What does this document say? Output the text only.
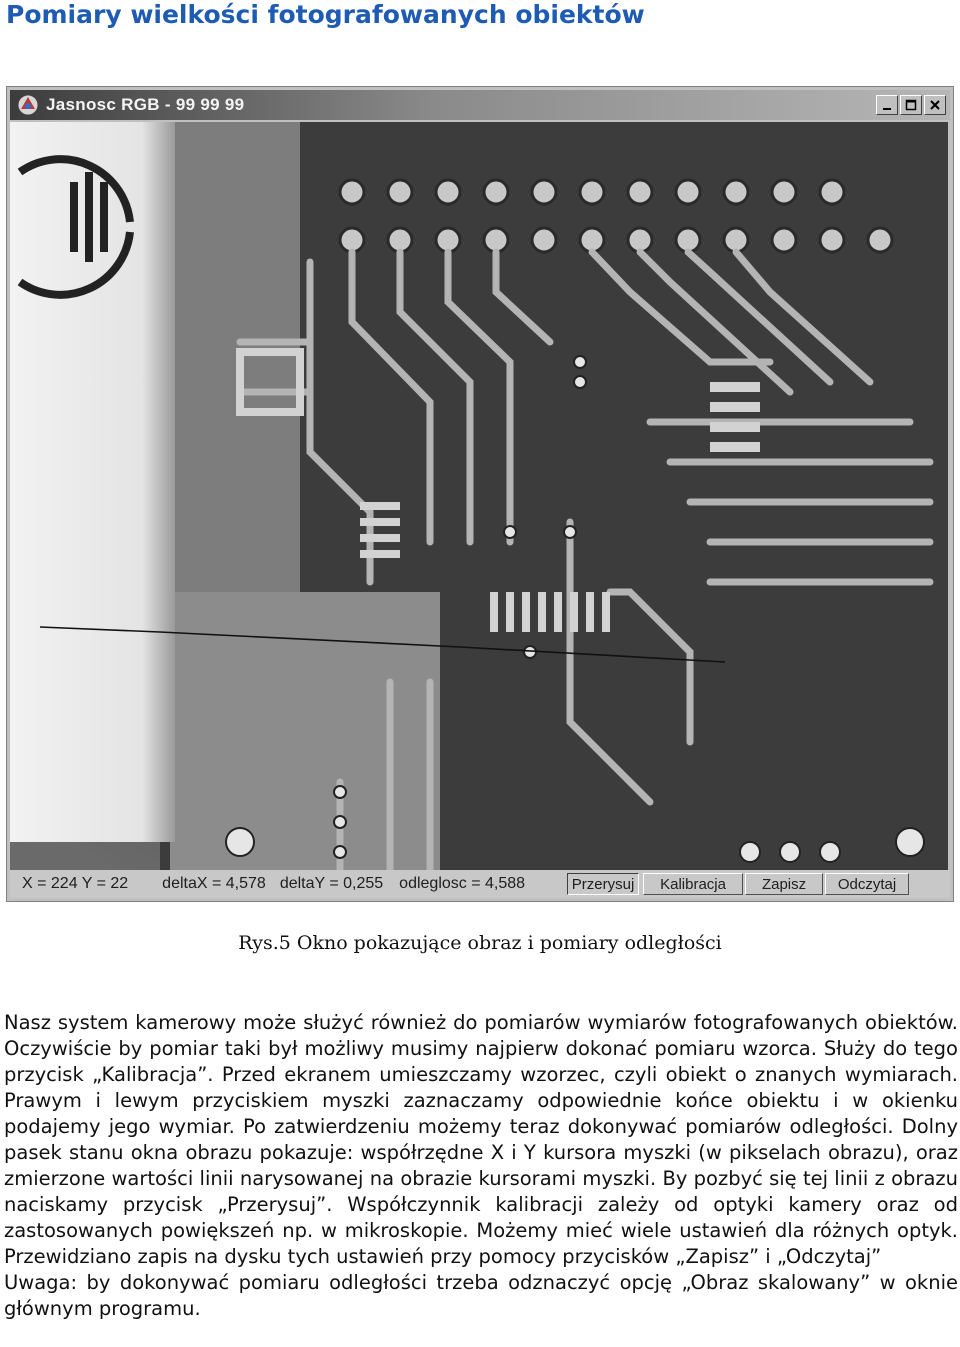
Pomiary wielkości fotografowanych obiektów
Jasnosc RGB - 99 99 99
X = 224 Y = 22 deltaX = 4,578 deltaY = 0,255 odleglosc = 4,588	Przerysuj	Kalibracja	Zapisz	Odczytaj
Rys.5 Okno pokazujące obraz i pomiary odległości
Nasz system kamerowy może służyć również do pomiarów wymiarów fotografowanych obiektów. Oczywiście by pomiar taki był możliwy musimy najpierw dokonać pomiaru wzorca. Służy do tego przycisk „Kalibracja”. Przed ekranem umieszczamy wzorzec, czyli obiekt o znanych wymiarach. Prawym i lewym przyciskiem myszki zaznaczamy odpowiednie końce obiektu i w okienku podajemy jego wymiar. Po zatwierdzeniu możemy teraz dokonywać pomiarów odległości. Dolny pasek stanu okna obrazu pokazuje: współrzędne X i Y kursora myszki (w pikselach obrazu), oraz zmierzone wartości linii narysowanej na obrazie kursorami myszki. By pozbyć się tej linii z obrazu naciskamy przycisk „Przerysuj”. Współczynnik kalibracji zależy od optyki kamery oraz od zastosowanych powiększeń np. w mikroskopie. Możemy mieć wiele ustawień dla różnych optyk. Przewidziano zapis na dysku tych ustawień przy pomocy przycisków „Zapisz” i „Odczytaj”
Uwaga: by dokonywać pomiaru odległości trzeba odznaczyć opcję „Obraz skalowany” w oknie głównym programu.
